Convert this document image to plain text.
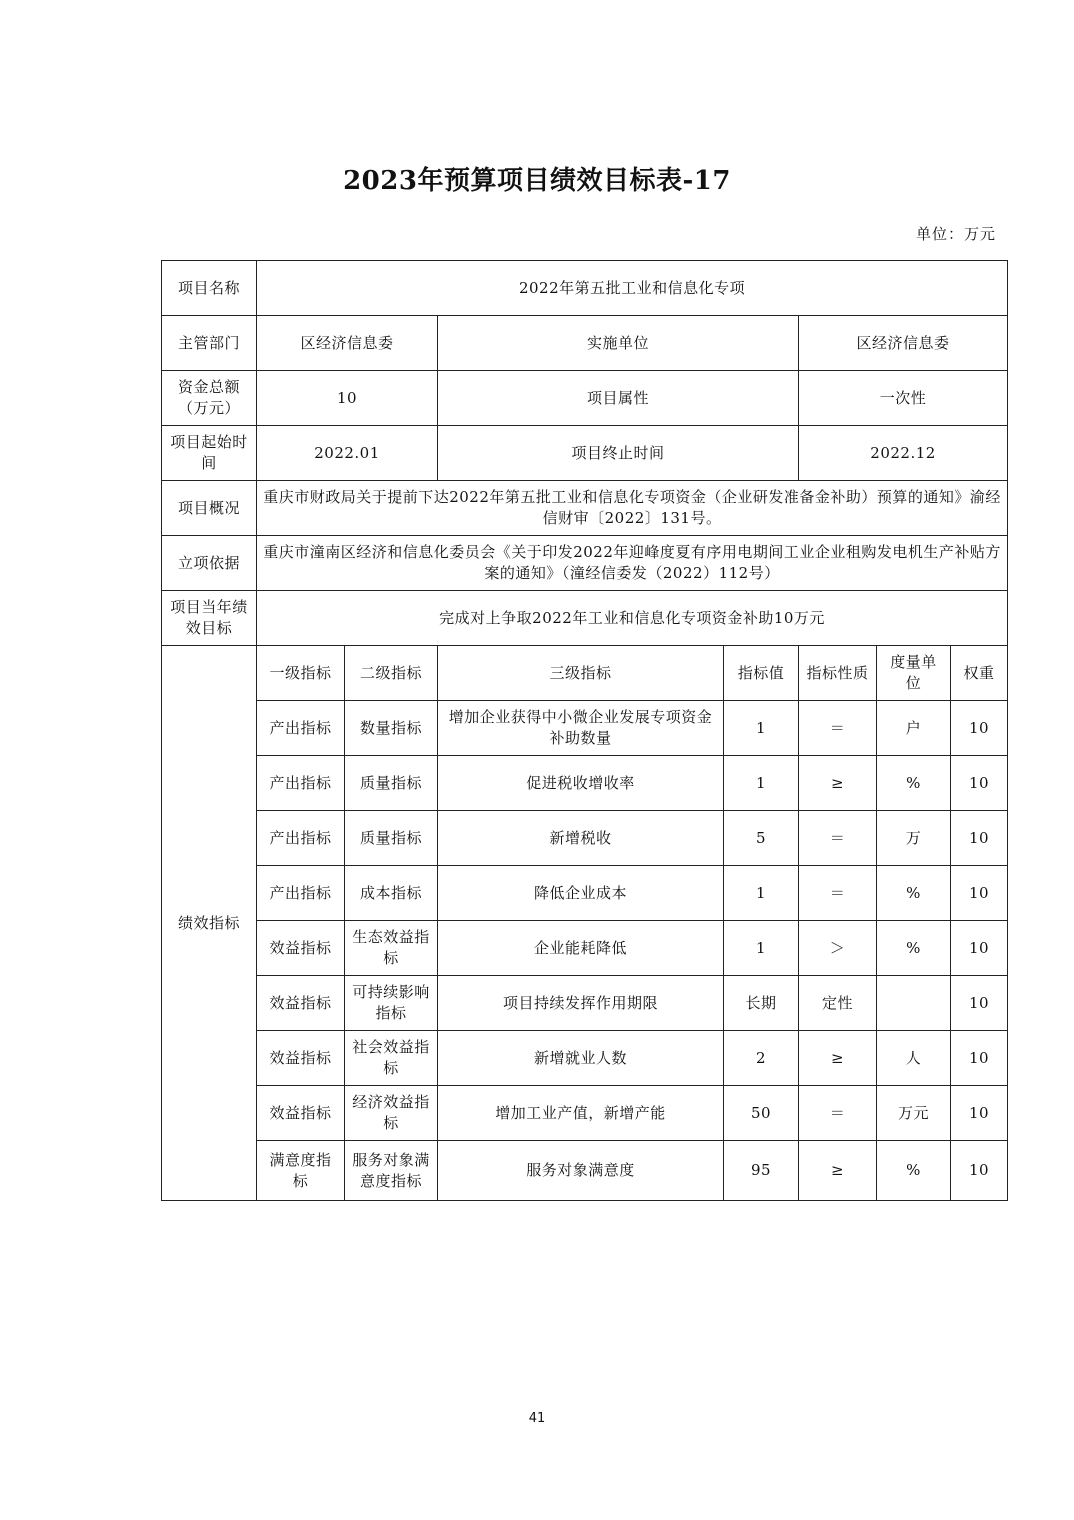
2023年预算项目绩效目标表-17
单位：万元
项目名称	2022年第五批工业和信息化专项						
主管部门	区经济信息委		实施单位		区经济信息委		
资金总额（万元）	10		项目属性		一次性		
项目起始时间	2022.01		项目终止时间		2022.12		
项目概况	重庆市财政局关于提前下达2022年第五批工业和信息化专项资金（企业研发准备金补助）预算的通知》渝经信财审〔2022〕131号。						
立项依据	重庆市潼南区经济和信息化委员会《关于印发2022年迎峰度夏有序用电期间工业企业租购发电机生产补贴方案的通知》（潼经信委发（2022）112号）						
项目当年绩效目标	完成对上争取2022年工业和信息化专项资金补助10万元						
绩效指标	一级指标	二级指标	三级指标	指标值	指标性质	度量单位	权重
	产出指标	数量指标	增加企业获得中小微企业发展专项资金补助数量	1	＝	户	10
	产出指标	质量指标	促进税收增收率	1	≥	%	10
	产出指标	质量指标	新增税收	5	＝	万	10
	产出指标	成本指标	降低企业成本	1	＝	%	10
	效益指标	生态效益指标	企业能耗降低	1	＞	%	10
	效益指标	可持续影响指标	项目持续发挥作用期限	长期	定性		10
	效益指标	社会效益指标	新增就业人数	2	≥	人	10
	效益指标	经济效益指标	增加工业产值，新增产能	50	＝	万元	10
	满意度指标	服务对象满意度指标	服务对象满意度	95	≥	%	10
41
